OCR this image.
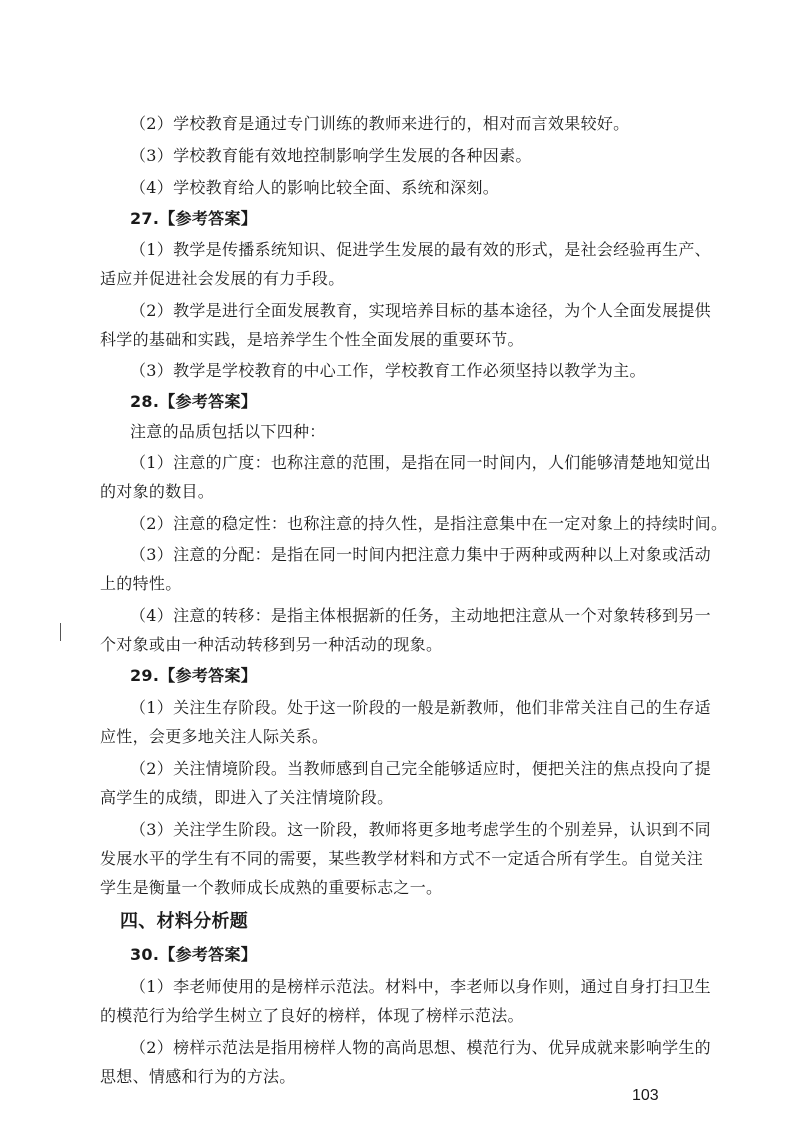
（2）学校教育是通过专门训练的教师来进行的，相对而言效果较好。
（3）学校教育能有效地控制影响学生发展的各种因素。
（4）学校教育给人的影响比较全面、系统和深刻。
27.【参考答案】
（1）教学是传播系统知识、促进学生发展的最有效的形式，是社会经验再生产、
适应并促进社会发展的有力手段。
（2）教学是进行全面发展教育，实现培养目标的基本途径，为个人全面发展提供
科学的基础和实践，是培养学生个性全面发展的重要环节。
（3）教学是学校教育的中心工作，学校教育工作必须坚持以教学为主。
28.【参考答案】
注意的品质包括以下四种：
（1）注意的广度：也称注意的范围，是指在同一时间内，人们能够清楚地知觉出
的对象的数目。
（2）注意的稳定性：也称注意的持久性，是指注意集中在一定对象上的持续时间。
（3）注意的分配：是指在同一时间内把注意力集中于两种或两种以上对象或活动
上的特性。
（4）注意的转移：是指主体根据新的任务，主动地把注意从一个对象转移到另一
个对象或由一种活动转移到另一种活动的现象。
29.【参考答案】
（1）关注生存阶段。处于这一阶段的一般是新教师，他们非常关注自己的生存适
应性，会更多地关注人际关系。
（2）关注情境阶段。当教师感到自己完全能够适应时，便把关注的焦点投向了提
高学生的成绩，即进入了关注情境阶段。
（3）关注学生阶段。这一阶段，教师将更多地考虑学生的个别差异，认识到不同
发展水平的学生有不同的需要，某些教学材料和方式不一定适合所有学生。自觉关注
学生是衡量一个教师成长成熟的重要标志之一。
四、材料分析题
30.【参考答案】
（1）李老师使用的是榜样示范法。材料中，李老师以身作则，通过自身打扫卫生
的模范行为给学生树立了良好的榜样，体现了榜样示范法。
（2）榜样示范法是指用榜样人物的高尚思想、模范行为、优异成就来影响学生的
思想、情感和行为的方法。
103
